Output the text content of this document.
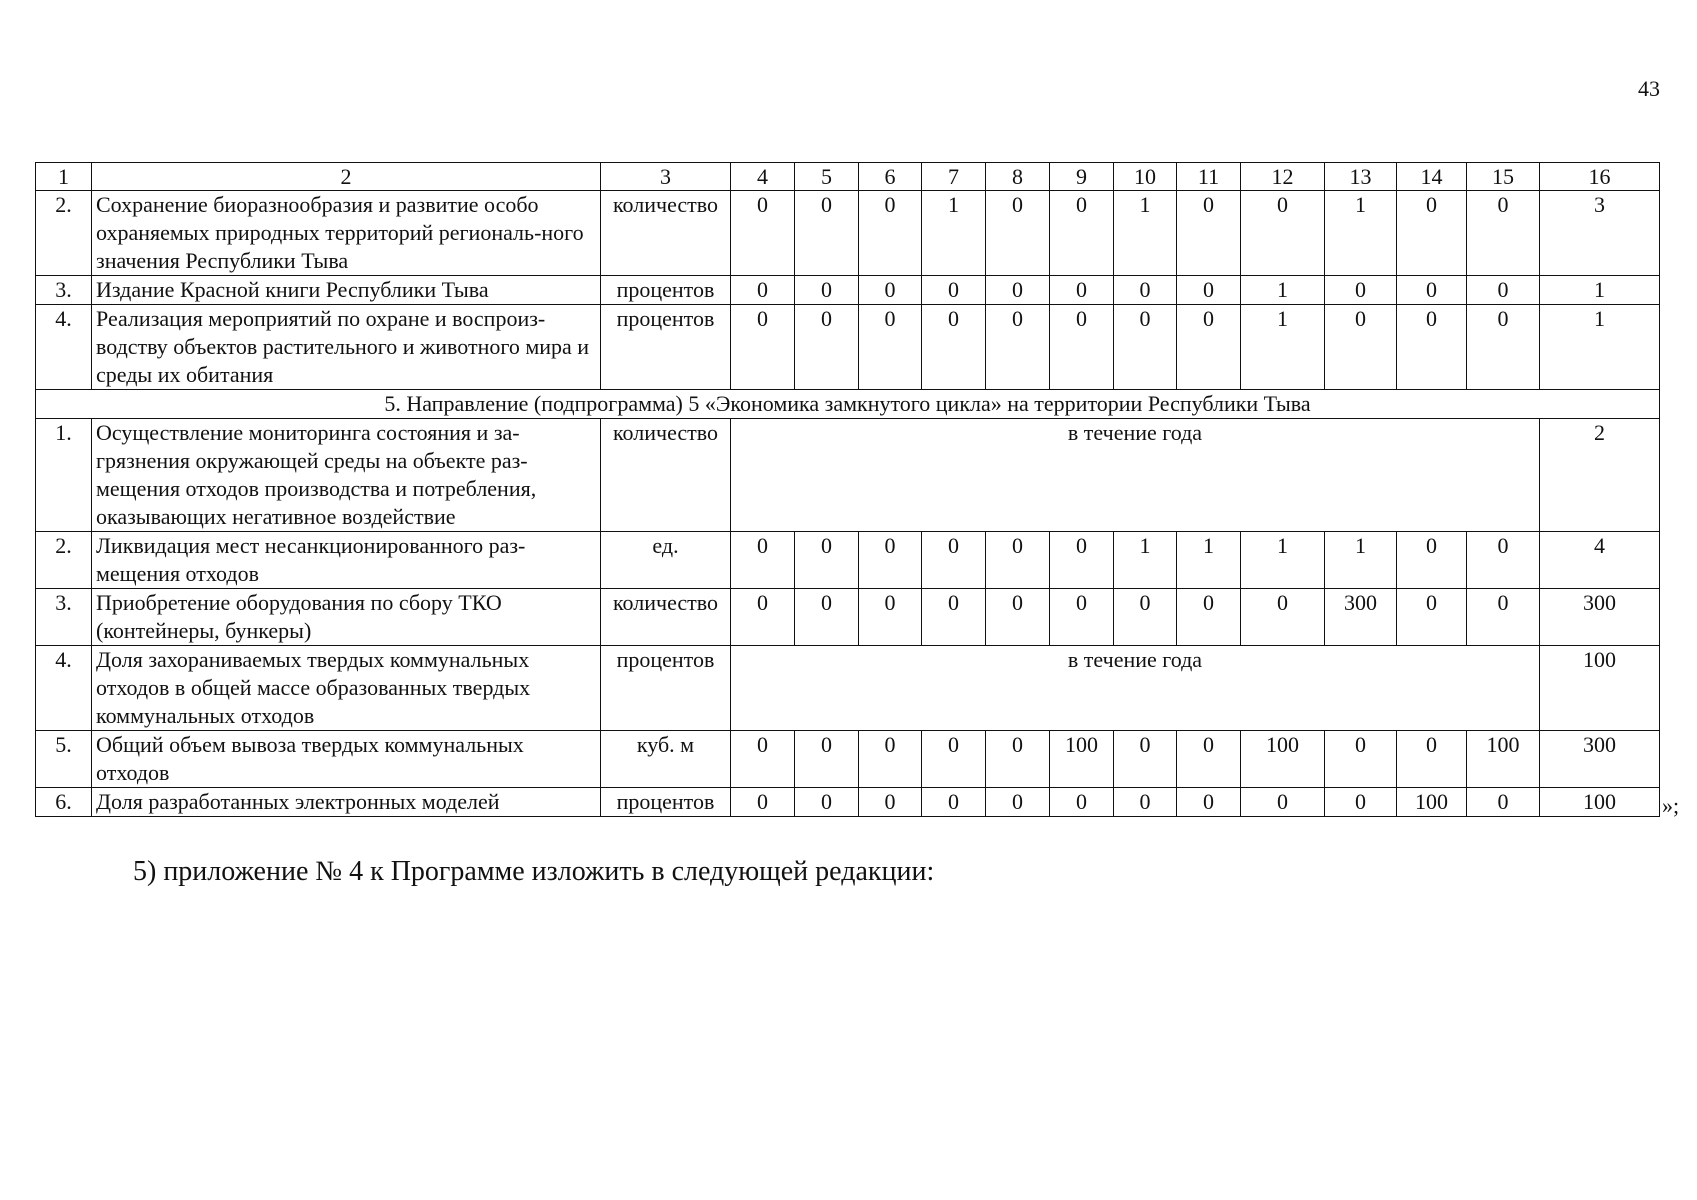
43
1	2	3	4	5	6	7	8	9	10	11	12	13	14	15	16
2.	Сохранение биоразнообразия и развитие особо охраняемых природных территорий региональ-ного значения Республики Тыва	количество	0	0	0	1	0	0	1	0	0	1	0	0	3
3.	Издание Красной книги Республики Тыва	процентов	0	0	0	0	0	0	0	0	1	0	0	0	1
4.	Реализация мероприятий по охране и воспроиз-водству объектов растительного и животного мира и среды их обитания	процентов	0	0	0	0	0	0	0	0	1	0	0	0	1
5. Направление (подпрограмма) 5 «Экономика замкнутого цикла» на территории Республики Тыва															
1.	Осуществление мониторинга состояния и за-грязнения окружающей среды на объекте раз-мещения отходов производства и потребления, оказывающих негативное воздействие	количество	в течение года												2
2.	Ликвидация мест несанкционированного раз-мещения отходов	ед.	0	0	0	0	0	0	1	1	1	1	0	0	4
3.	Приобретение оборудования по сбору ТКО (контейнеры, бункеры)	количество	0	0	0	0	0	0	0	0	0	300	0	0	300
4.	Доля захораниваемых твердых коммунальных отходов в общей массе образованных твердых коммунальных отходов	процентов	в течение года												100
5.	Общий объем вывоза твердых коммунальных отходов	куб. м	0	0	0	0	0	100	0	0	100	0	0	100	300
6.	Доля разработанных электронных моделей	процентов	0	0	0	0	0	0	0	0	0	0	100	0	100 »;
5) приложение № 4 к Программе изложить в следующей редакции:
